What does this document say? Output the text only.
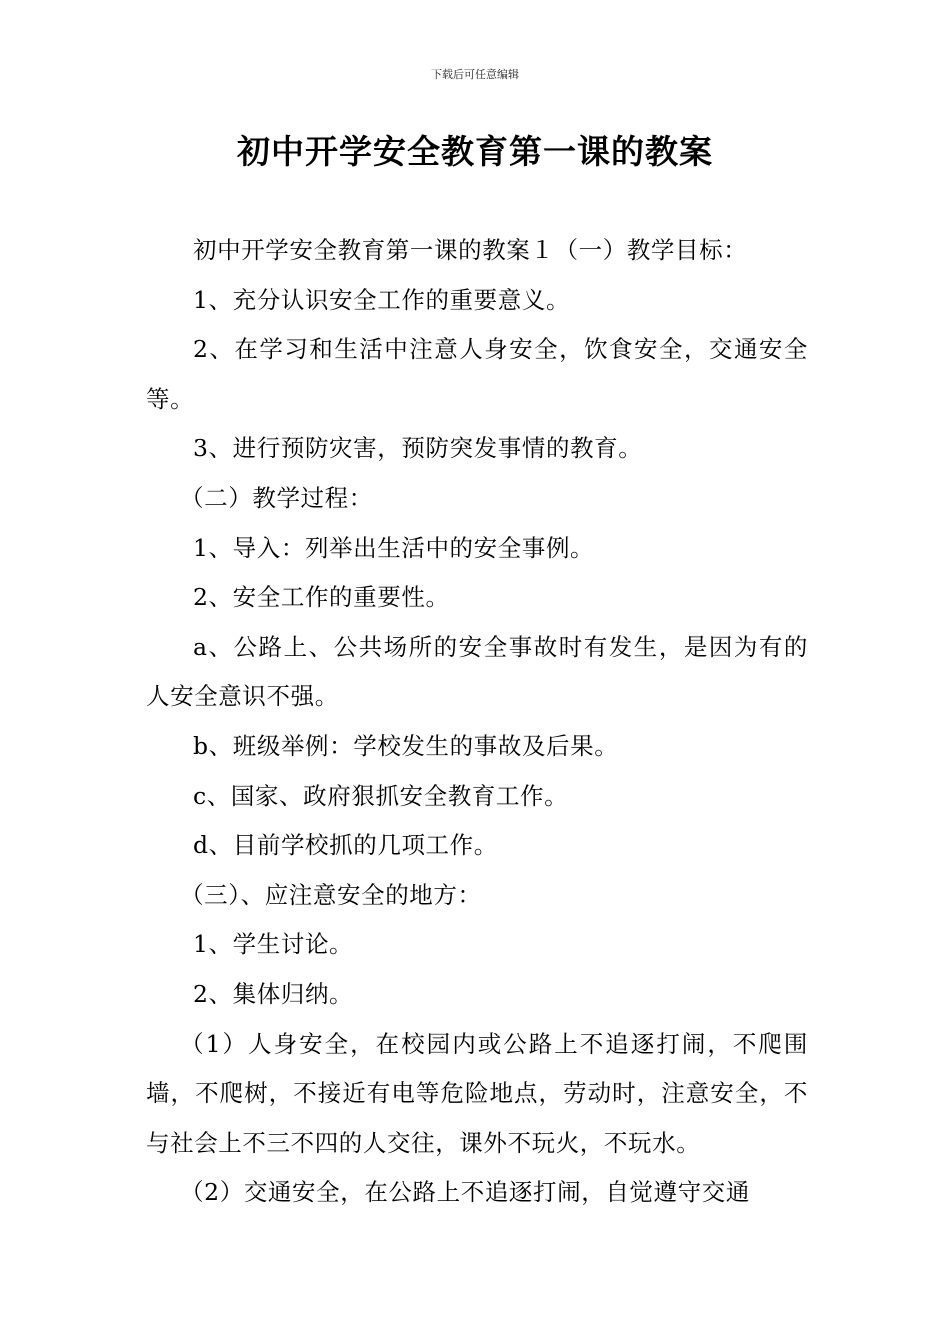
下载后可任意编辑
初中开学安全教育第一课的教案

初中开学安全教育第一课的教案１（一）教学目标：

1、充分认识安全工作的重要意义。

2、在学习和生活中注意人身安全，饮食安全，交通安全等。

3、进行预防灾害，预防突发事情的教育。

（二）教学过程：

1、导入：列举出生活中的安全事例。

2、安全工作的重要性。

a、公路上、公共场所的安全事故时有发生，是因为有的人安全意识不强。

b、班级举例：学校发生的事故及后果。

c、国家、政府狠抓安全教育工作。

d、目前学校抓的几项工作。

（三）、应注意安全的地方：

1、学生讨论。

2、集体归纳。

（1）人身安全，在校园内或公路上不追逐打闹，不爬围墙，不爬树，不接近有电等危险地点，劳动时，注意安全，不与社会上不三不四的人交往，课外不玩火，不玩水。

（2）交通安全，在公路上不追逐打闹，自觉遵守交通
